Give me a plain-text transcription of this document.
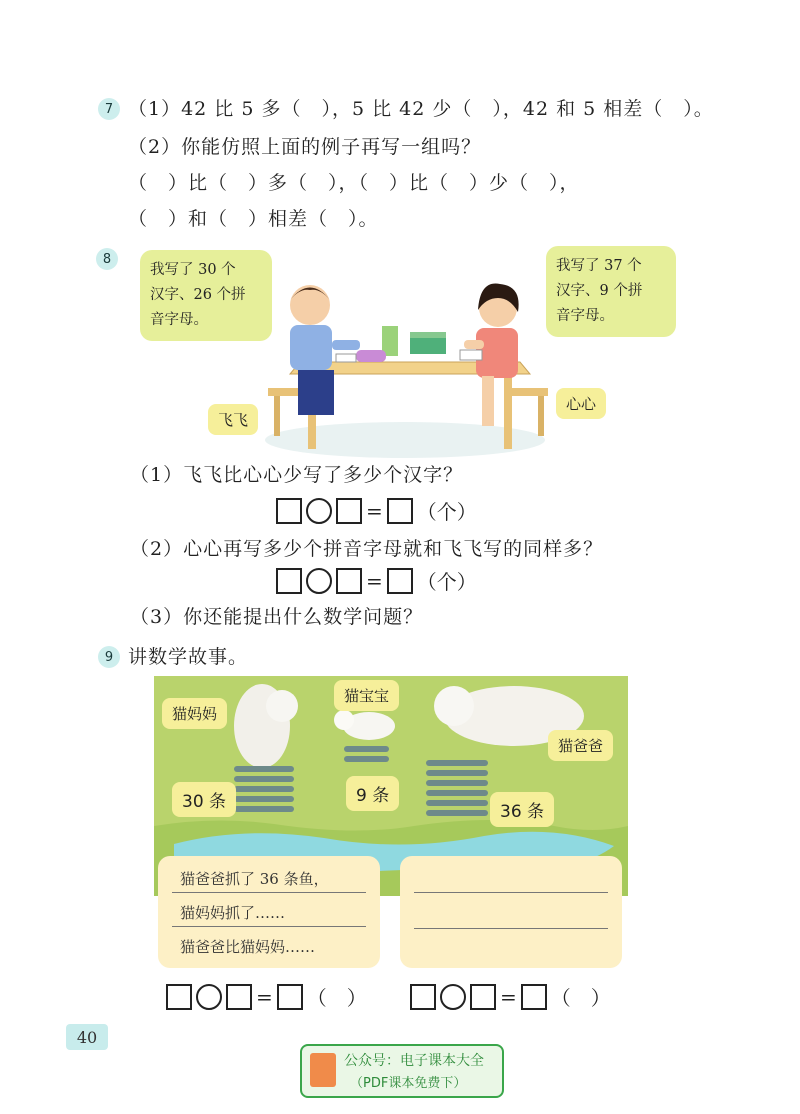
7 （1）42 比 5 多（　），5 比 42 少（　），42 和 5 相差（　）。
（2）你能仿照上面的例子再写一组吗？
（　）比（　）多（　），（　）比（　）少（　），
（　）和（　）相差（　）。
8
我写了 30 个
汉字、26 个拼
音字母。
我写了 37 个
汉字、9 个拼
音字母。
飞飞
心心
（1）飞飞比心心少写了多少个汉字？
= （个）
（2）心心再写多少个拼音字母就和飞飞写的同样多？
= （个）
（3）你还能提出什么数学问题？
9 讲数学故事。
猫妈妈
猫宝宝
猫爸爸
30 条	9 条
36 条
猫爸爸抓了 36 条鱼，
猫妈妈抓了……
猫爸爸比猫妈妈……
= （　）	= （　）
40
公众号：电子课本大全
（PDF课本免费下）
